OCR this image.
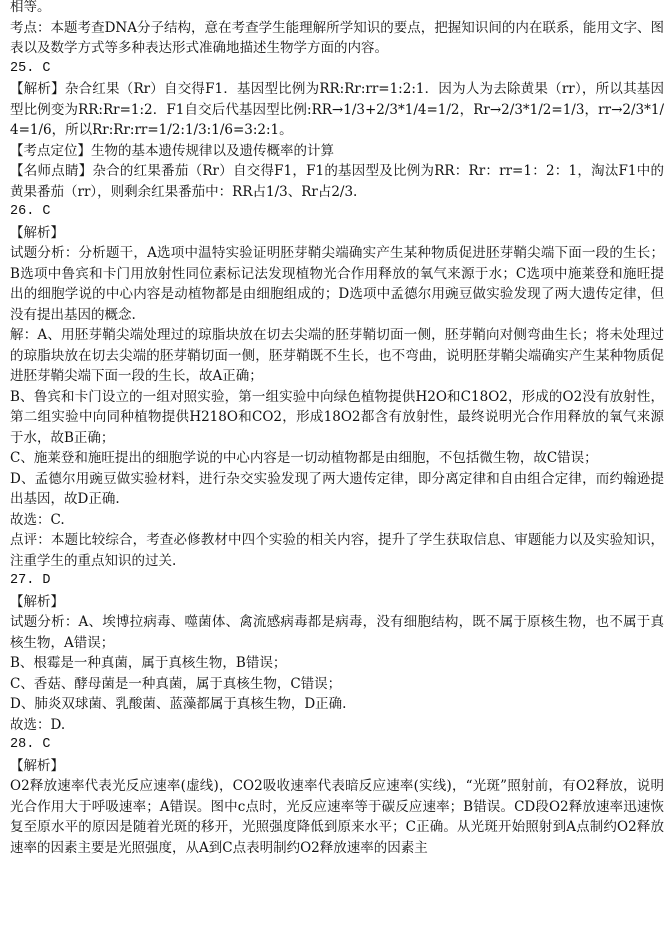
相等。
考点：本题考查DNA分子结构，意在考查学生能理解所学知识的要点，把握知识间的内在联系，能用文字、图表以及数学方式等多种表达形式准确地描述生物学方面的内容。
25. C
【解析】杂合红果（Rr）自交得F1．基因型比例为RR:Rr:rr=1:2:1．因为人为去除黄果（rr），所以其基因型比例变为RR:Rr=1:2．F1自交后代基因型比例:RR→1/3+2/3*1/4=1/2，Rr→2/3*1/2=1/3，rr→2/3*1/4=1/6，所以Rr:Rr:rr=1/2:1/3:1/6=3:2:1。
【考点定位】生物的基本遗传规律以及遗传概率的计算
【名师点睛】杂合的红果番茄（Rr）自交得F1，F1的基因型及比例为RR：Rr：rr=1：2：1，淘汰F1中的黄果番茄（rr），则剩余红果番茄中：RR占1/3、Rr占2/3.
26. C
【解析】
试题分析：分析题干，A选项中温特实验证明胚芽鞘尖端确实产生某种物质促进胚芽鞘尖端下面一段的生长；B选项中鲁宾和卡门用放射性同位素标记法发现植物光合作用释放的氧气来源于水；C选项中施莱登和施旺提出的细胞学说的中心内容是动植物都是由细胞组成的；D选项中孟德尔用豌豆做实验发现了两大遗传定律，但没有提出基因的概念.
解：A、用胚芽鞘尖端处理过的琼脂块放在切去尖端的胚芽鞘切面一侧，胚芽鞘向对侧弯曲生长；将未处理过的琼脂块放在切去尖端的胚芽鞘切面一侧，胚芽鞘既不生长，也不弯曲，说明胚芽鞘尖端确实产生某种物质促进胚芽鞘尖端下面一段的生长，故A正确；
B、鲁宾和卡门设立的一组对照实验，第一组实验中向绿色植物提供H2O和C18O2，形成的O2没有放射性，第二组实验中向同种植物提供H218O和CO2，形成18O2都含有放射性，最终说明光合作用释放的氧气来源于水，故B正确；
C、施莱登和施旺提出的细胞学说的中心内容是一切动植物都是由细胞，不包括微生物，故C错误；
D、孟德尔用豌豆做实验材料，进行杂交实验发现了两大遗传定律，即分离定律和自由组合定律，而约翰逊提出基因，故D正确.
故选：C.
点评：本题比较综合，考查必修教材中四个实验的相关内容，提升了学生获取信息、审题能力以及实验知识，注重学生的重点知识的过关.
27. D
【解析】
试题分析：A、埃博拉病毒、噬菌体、禽流感病毒都是病毒，没有细胞结构，既不属于原核生物，也不属于真核生物，A错误；
B、根霉是一种真菌，属于真核生物，B错误；
C、香菇、酵母菌是一种真菌，属于真核生物，C错误；
D、肺炎双球菌、乳酸菌、蓝藻都属于真核生物，D正确.
故选：D.
28. C
【解析】
O2释放速率代表光反应速率(虚线)，CO2吸收速率代表暗反应速率(实线)，“光斑”照射前，有O2释放，说明光合作用大于呼吸速率；A错误。图中c点时，光反应速率等于碳反应速率；B错误。CD段O2释放速率迅速恢复至原水平的原因是随着光斑的移开，光照强度降低到原来水平；C正确。从光斑开始照射到A点制约O2释放速率的因素主要是光照强度，从A到C点表明制约O2释放速率的因素主
